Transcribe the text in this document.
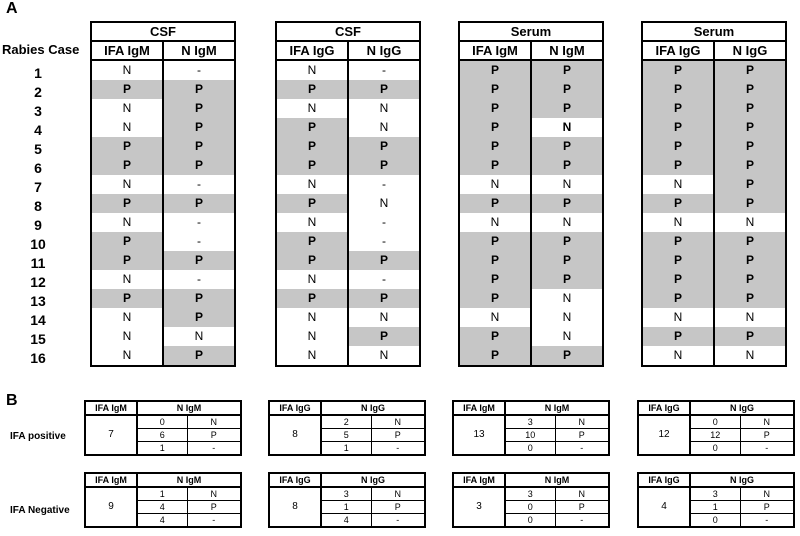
A
B
Rabies Case
1
2
3
4
5
6
7
8
9
10
11
12
13
14
15
16
CSF	
IFA IgM	N IgM
N	-
P	P
N	P
N	P
P	P
P	P
N	-
P	P
N	-
P	-
P	P
N	-
P	P
N	P
N	N
N	P
CSF	
IFA IgG	N IgG
N	-
P	P
N	N
P	N
P	P
P	P
N	-
P	N
N	-
P	-
P	P
N	-
P	P
N	N
N	P
N	N
Serum	
IFA IgM	N IgM
P	P
P	P
P	P
P	N
P	P
P	P
N	N
P	P
N	N
P	P
P	P
P	P
P	N
N	N
P	N
P	P
Serum	
IFA IgG	N IgG
P	P
P	P
P	P
P	P
P	P
P	P
N	P
P	P
N	N
P	P
P	P
P	P
P	P
N	N
P	P
N	N
IFA positive
IFA Negative
IFA IgM	N IgM	
7	0	N
	6	P
	1	-
IFA IgG	N IgG	
8	2	N
	5	P
	1	-
IFA IgM	N IgM	
13	3	N
	10	P
	0	-
IFA IgG	N IgG	
12	0	N
	12	P
	0	-
IFA IgM	N IgM	
9	1	N
	4	P
	4	-
IFA IgG	N IgG	
8	3	N
	1	P
	4	-
IFA IgM	N IgM	
3	3	N
	0	P
	0	-
IFA IgG	N IgG	
4	3	N
	1	P
	0	-
